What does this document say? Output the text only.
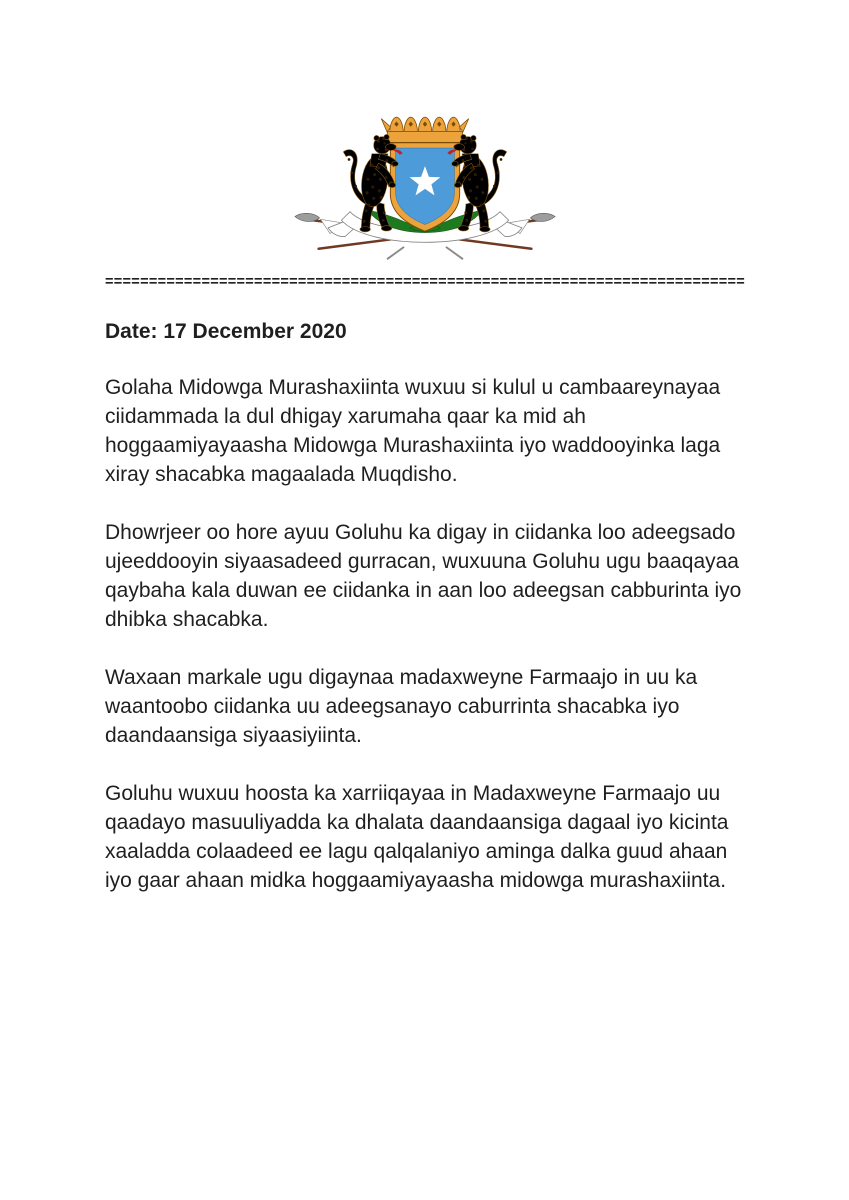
=========================================================================

Date: 17 December 2020

Golaha Midowga Murashaxiinta wuxuu si kulul u cambaareynayaa ciidammada la dul dhigay xarumaha qaar ka mid ah hoggaamiyayaasha Midowga Murashaxiinta iyo waddooyinka laga xiray shacabka magaalada Muqdisho.

Dhowrjeer oo hore ayuu Goluhu ka digay in ciidanka loo adeegsado ujeeddooyin siyaasadeed gurracan, wuxuuna Goluhu ugu baaqayaa qaybaha kala duwan ee ciidanka in aan loo adeegsan cabburinta iyo dhibka shacabka.

Waxaan markale ugu digaynaa madaxweyne Farmaajo in uu ka waantoobo ciidanka uu adeegsanayo caburrinta shacabka iyo daandaansiga siyaasiyiinta.

Goluhu wuxuu hoosta ka xarriiqayaa in Madaxweyne Farmaajo uu qaadayo masuuliyadda ka dhalata daandaansiga dagaal iyo kicinta xaaladda colaadeed ee lagu qalqalaniyo aminga dalka guud ahaan iyo gaar ahaan midka hoggaamiyayaasha midowga murashaxiinta.
